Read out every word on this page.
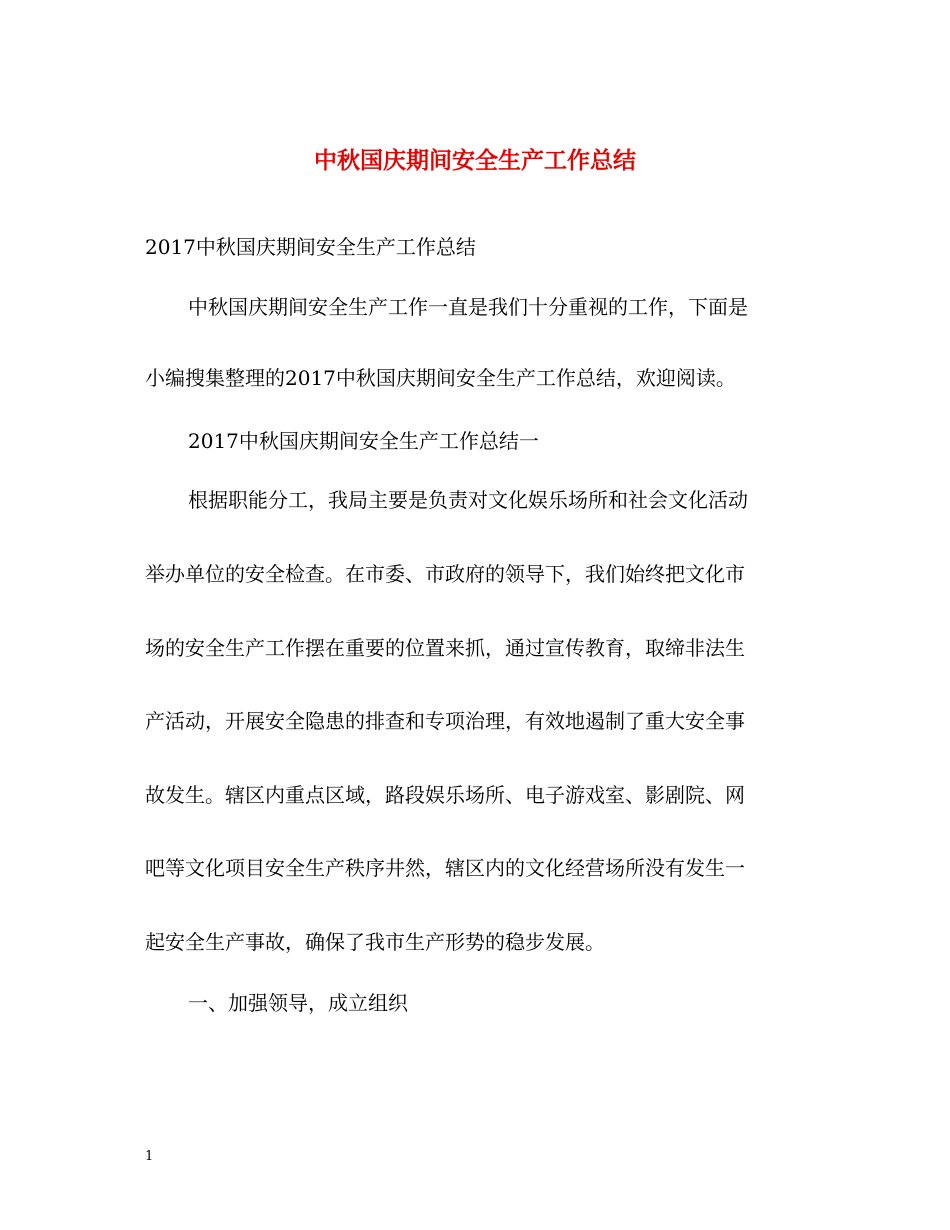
中秋国庆期间安全生产工作总结
2017中秋国庆期间安全生产工作总结
中秋国庆期间安全生产工作一直是我们十分重视的工作，下面是
小编搜集整理的2017中秋国庆期间安全生产工作总结，欢迎阅读。
2017中秋国庆期间安全生产工作总结一
根据职能分工，我局主要是负责对文化娱乐场所和社会文化活动
举办单位的安全检查。在市委、市政府的领导下，我们始终把文化市
场的安全生产工作摆在重要的位置来抓，通过宣传教育，取缔非法生
产活动，开展安全隐患的排查和专项治理，有效地遏制了重大安全事
故发生。辖区内重点区域，路段娱乐场所、电子游戏室、影剧院、网
吧等文化项目安全生产秩序井然，辖区内的文化经营场所没有发生一
起安全生产事故，确保了我市生产形势的稳步发展。
一、加强领导，成立组织
1
